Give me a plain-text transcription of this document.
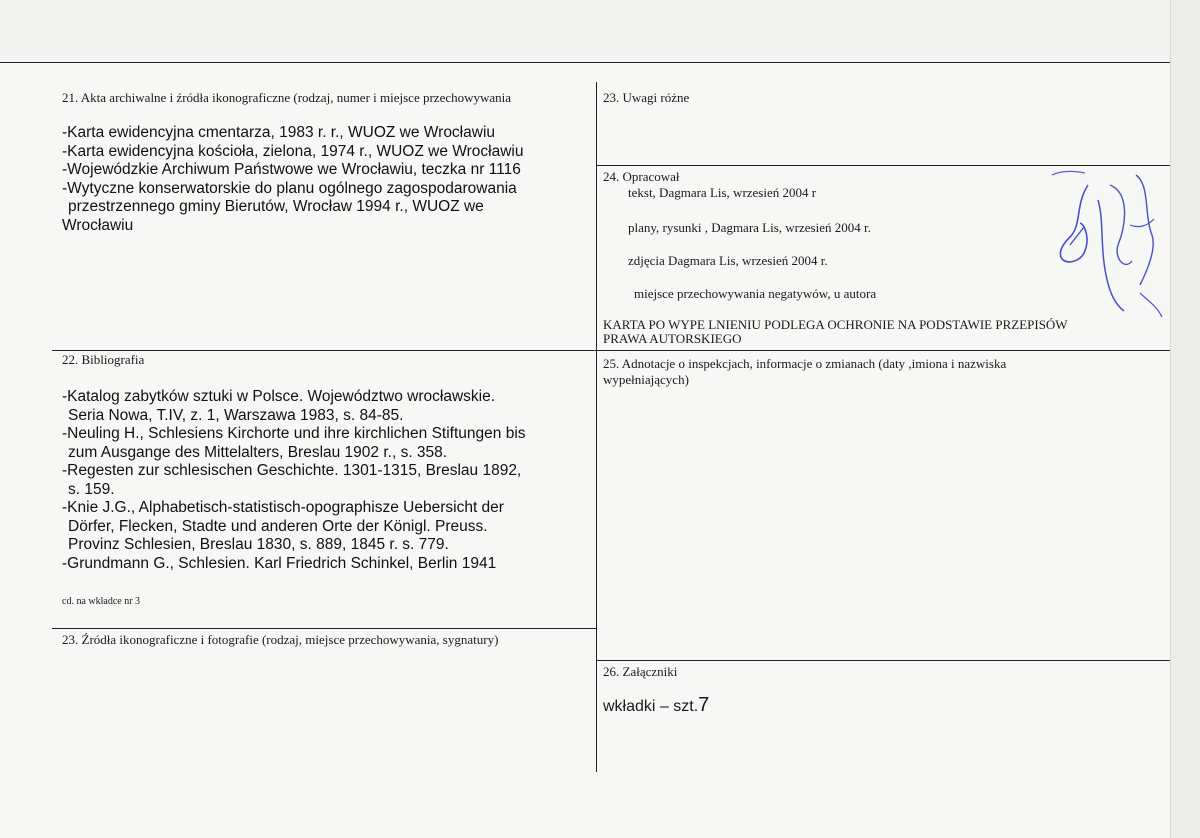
21. Akta archiwalne i źródła ikonograficzne (rodzaj, numer i miejsce przechowywania
-Karta ewidencyjna cmentarza, 1983 r. r., WUOZ we Wrocławiu
-Karta ewidencyjna kościoła, zielona, 1974 r., WUOZ we Wrocławiu
-Wojewódzkie Archiwum Państwowe we Wrocławiu, teczka nr 1116
-Wytyczne konserwatorskie do planu ogólnego zagospodarowania
przestrzennego gminy Bierutów, Wrocław 1994 r., WUOZ we
Wrocławiu
22. Bibliografia
-Katalog zabytków sztuki w Polsce. Województwo wrocławskie.
Seria Nowa, T.IV, z. 1, Warszawa 1983, s. 84-85.
-Neuling H., Schlesiens Kirchorte und ihre kirchlichen Stiftungen bis
zum Ausgange des Mittelalters, Breslau 1902 r., s. 358.
-Regesten zur schlesischen Geschichte. 1301-1315, Breslau 1892,
s. 159.
-Knie J.G., Alphabetisch-statistisch-opographisze Uebersicht der
Dörfer, Flecken, Stadte und anderen Orte der Königl. Preuss.
Provinz Schlesien, Breslau 1830, s. 889, 1845 r. s. 779.
-Grundmann G., Schlesien. Karl Friedrich Schinkel, Berlin 1941
cd. na wkładce nr 3
23. Źródła ikonograficzne i fotografie (rodzaj, miejsce przechowywania, sygnatury)
23. Uwagi różne
24. Opracował
tekst, Dagmara Lis, wrzesień 2004 r
plany, rysunki , Dagmara Lis, wrzesień 2004 r.
zdjęcia Dagmara Lis, wrzesień 2004 r.
miejsce przechowywania negatywów, u autora
KARTA PO WYPE LNIENIU PODLEGA OCHRONIE NA PODSTAWIE PRZEPISÓW
PRAWA AUTORSKIEGO
25. Adnotacje o inspekcjach, informacje o zmianach (daty ,imiona i nazwiska
wypełniających)
26. Załączniki
wkładki – szt.7
